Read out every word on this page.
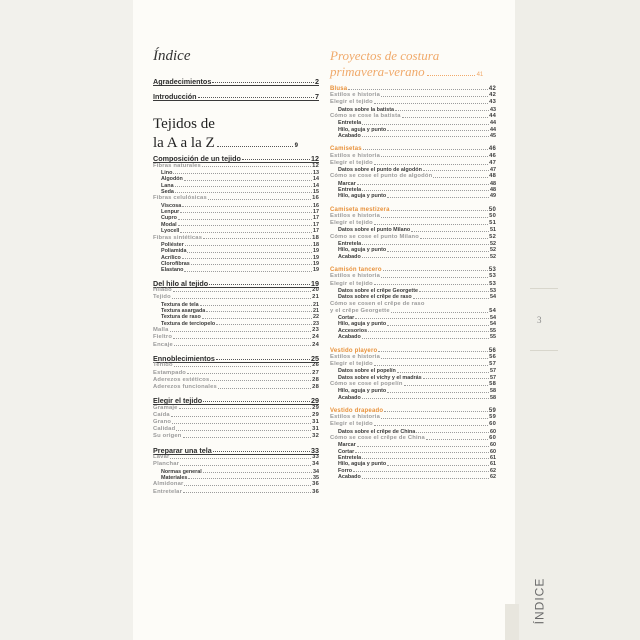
3
ÍNDICE
Índice
Agradecimientos	2
Introducción	7
Tejidos de
la A a la Z	9
Composición de un tejido	12
Fibras naturales	12
Lino	13
Algodón	14
Lana	14
Seda	15
Fibras celulósicas	16
Viscosa	16
Lenpur	17
Cupro	17
Modal	17
Lyocell	17
Fibras sintéticas	18
Poliéster	18
Poliamida	19
Acrílico	19
Clorofibras	19
Elastano	19
Del hilo al tejido	19
Hilado	20
Tejido	21
Textura de tela	21
Textura asargada	21
Textura de raso	22
Textura de terciopelo	23
Malla	23
Fieltro	24
Encaje	24
Ennoblecimientos	25
Teñido	26
Estampado	27
Aderezos estéticos	28
Aderezos funcionales	28
Elegir el tejido	29
Gramaje	29
Caída	29
Grano	31
Calidad	31
Su origen	32
Preparar una tela	33
Lavar	33
Planchar	34
Normas general	34
Materiales	35
Almidonar	36
Entretelar	36
Proyectos de costura
primavera-verano	41
Blusa	42
Estilos e historia	42
Elegir el tejido	43
Datos sobre la batista	43
Cómo se cose la batista	44
Entretela	44
Hilo, aguja y punto	44
Acabado	45
Camisetas	46
Estilos e historia	46
Elegir el tejido	47
Datos sobre el punto de algodón	47
Cómo se cose el punto de algodón	48
Marcar	48
Entretela	48
Hilo, aguja y punto	49
Camiseta mestizera	50
Estilos e historia	50
Elegir el tejido	51
Datos sobre el punto Milano	51
Cómo se cose el punto Milano	52
Entretela	52
Hilo, aguja y punto	52
Acabado	52
Camisón tancero	53
Estilos e historia	53
Elegir el tejido	53
Datos sobre el crêpe Georgette	53
Datos sobre el crêpe de raso	54
Cómo se cosen el crêpe de raso
y el crêpe Georgette	54
Cortar	54
Hilo, aguja y punto	54
Accesorios	55
Acabado	55
Vestido playero	56
Estilos e historia	56
Elegir el tejido	57
Datos sobre el popelín	57
Datos sobre el vichy y el madrás	57
Cómo se cose el popelín	58
Hilo, aguja y punto	58
Acabado	58
Vestido drapeado	59
Estilos e historia	59
Elegir el tejido	60
Datos sobre el crêpe de China	60
Cómo se cose el crêpe de China	60
Marcar	60
Cortar	60
Entretela	61
Hilo, aguja y punto	61
Forro	62
Acabado	62
